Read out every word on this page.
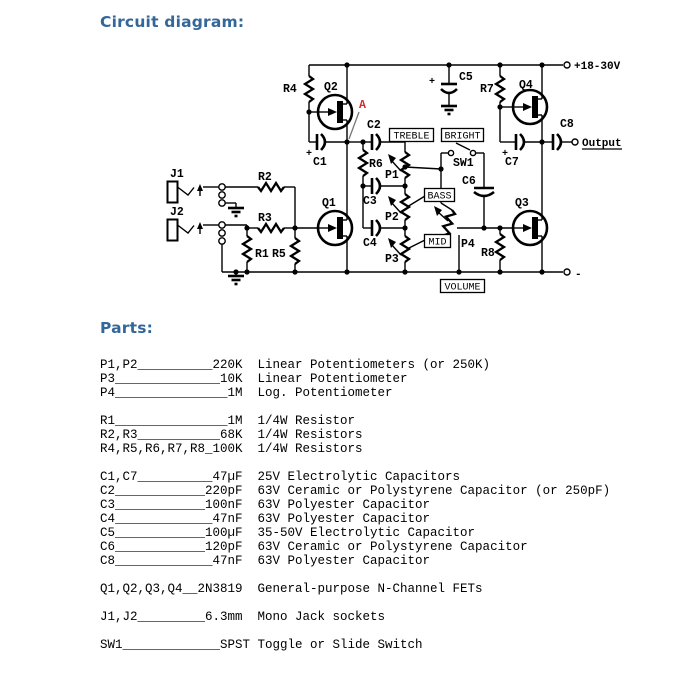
Circuit diagram:
J1
J2
R2
R3
R1 R5
R4
+
C1
Q2
Q1
A
R6
C2
C3
C4
P1
P2
P3
SW1
C6
P4
R8
+ C5
R7
+
C7
Q4
Q3
C8
Output
+18-30V
-
TREBLE BRIGHT
BASS
MID
VOLUME
Parts:
P1,P2__________220K  Linear Potentiometers (or 250K)
P3______________10K  Linear Potentiometer
P4_______________1M  Log. Potentiometer
R1_______________1M  1/4W Resistor
R2,R3___________68K  1/4W Resistors
R4,R5,R6,R7,R8_100K  1/4W Resistors
C1,C7__________47µF  25V Electrolytic Capacitors
C2____________220pF  63V Ceramic or Polystyrene Capacitor (or 250pF)
C3____________100nF  63V Polyester Capacitor
C4_____________47nF  63V Polyester Capacitor
C5____________100µF  35-50V Electrolytic Capacitor
C6____________120pF  63V Ceramic or Polystyrene Capacitor
C8_____________47nF  63V Polyester Capacitor
Q1,Q2,Q3,Q4__2N3819  General-purpose N-Channel FETs
J1,J2_________6.3mm  Mono Jack sockets
SW1_____________SPST Toggle or Slide Switch
